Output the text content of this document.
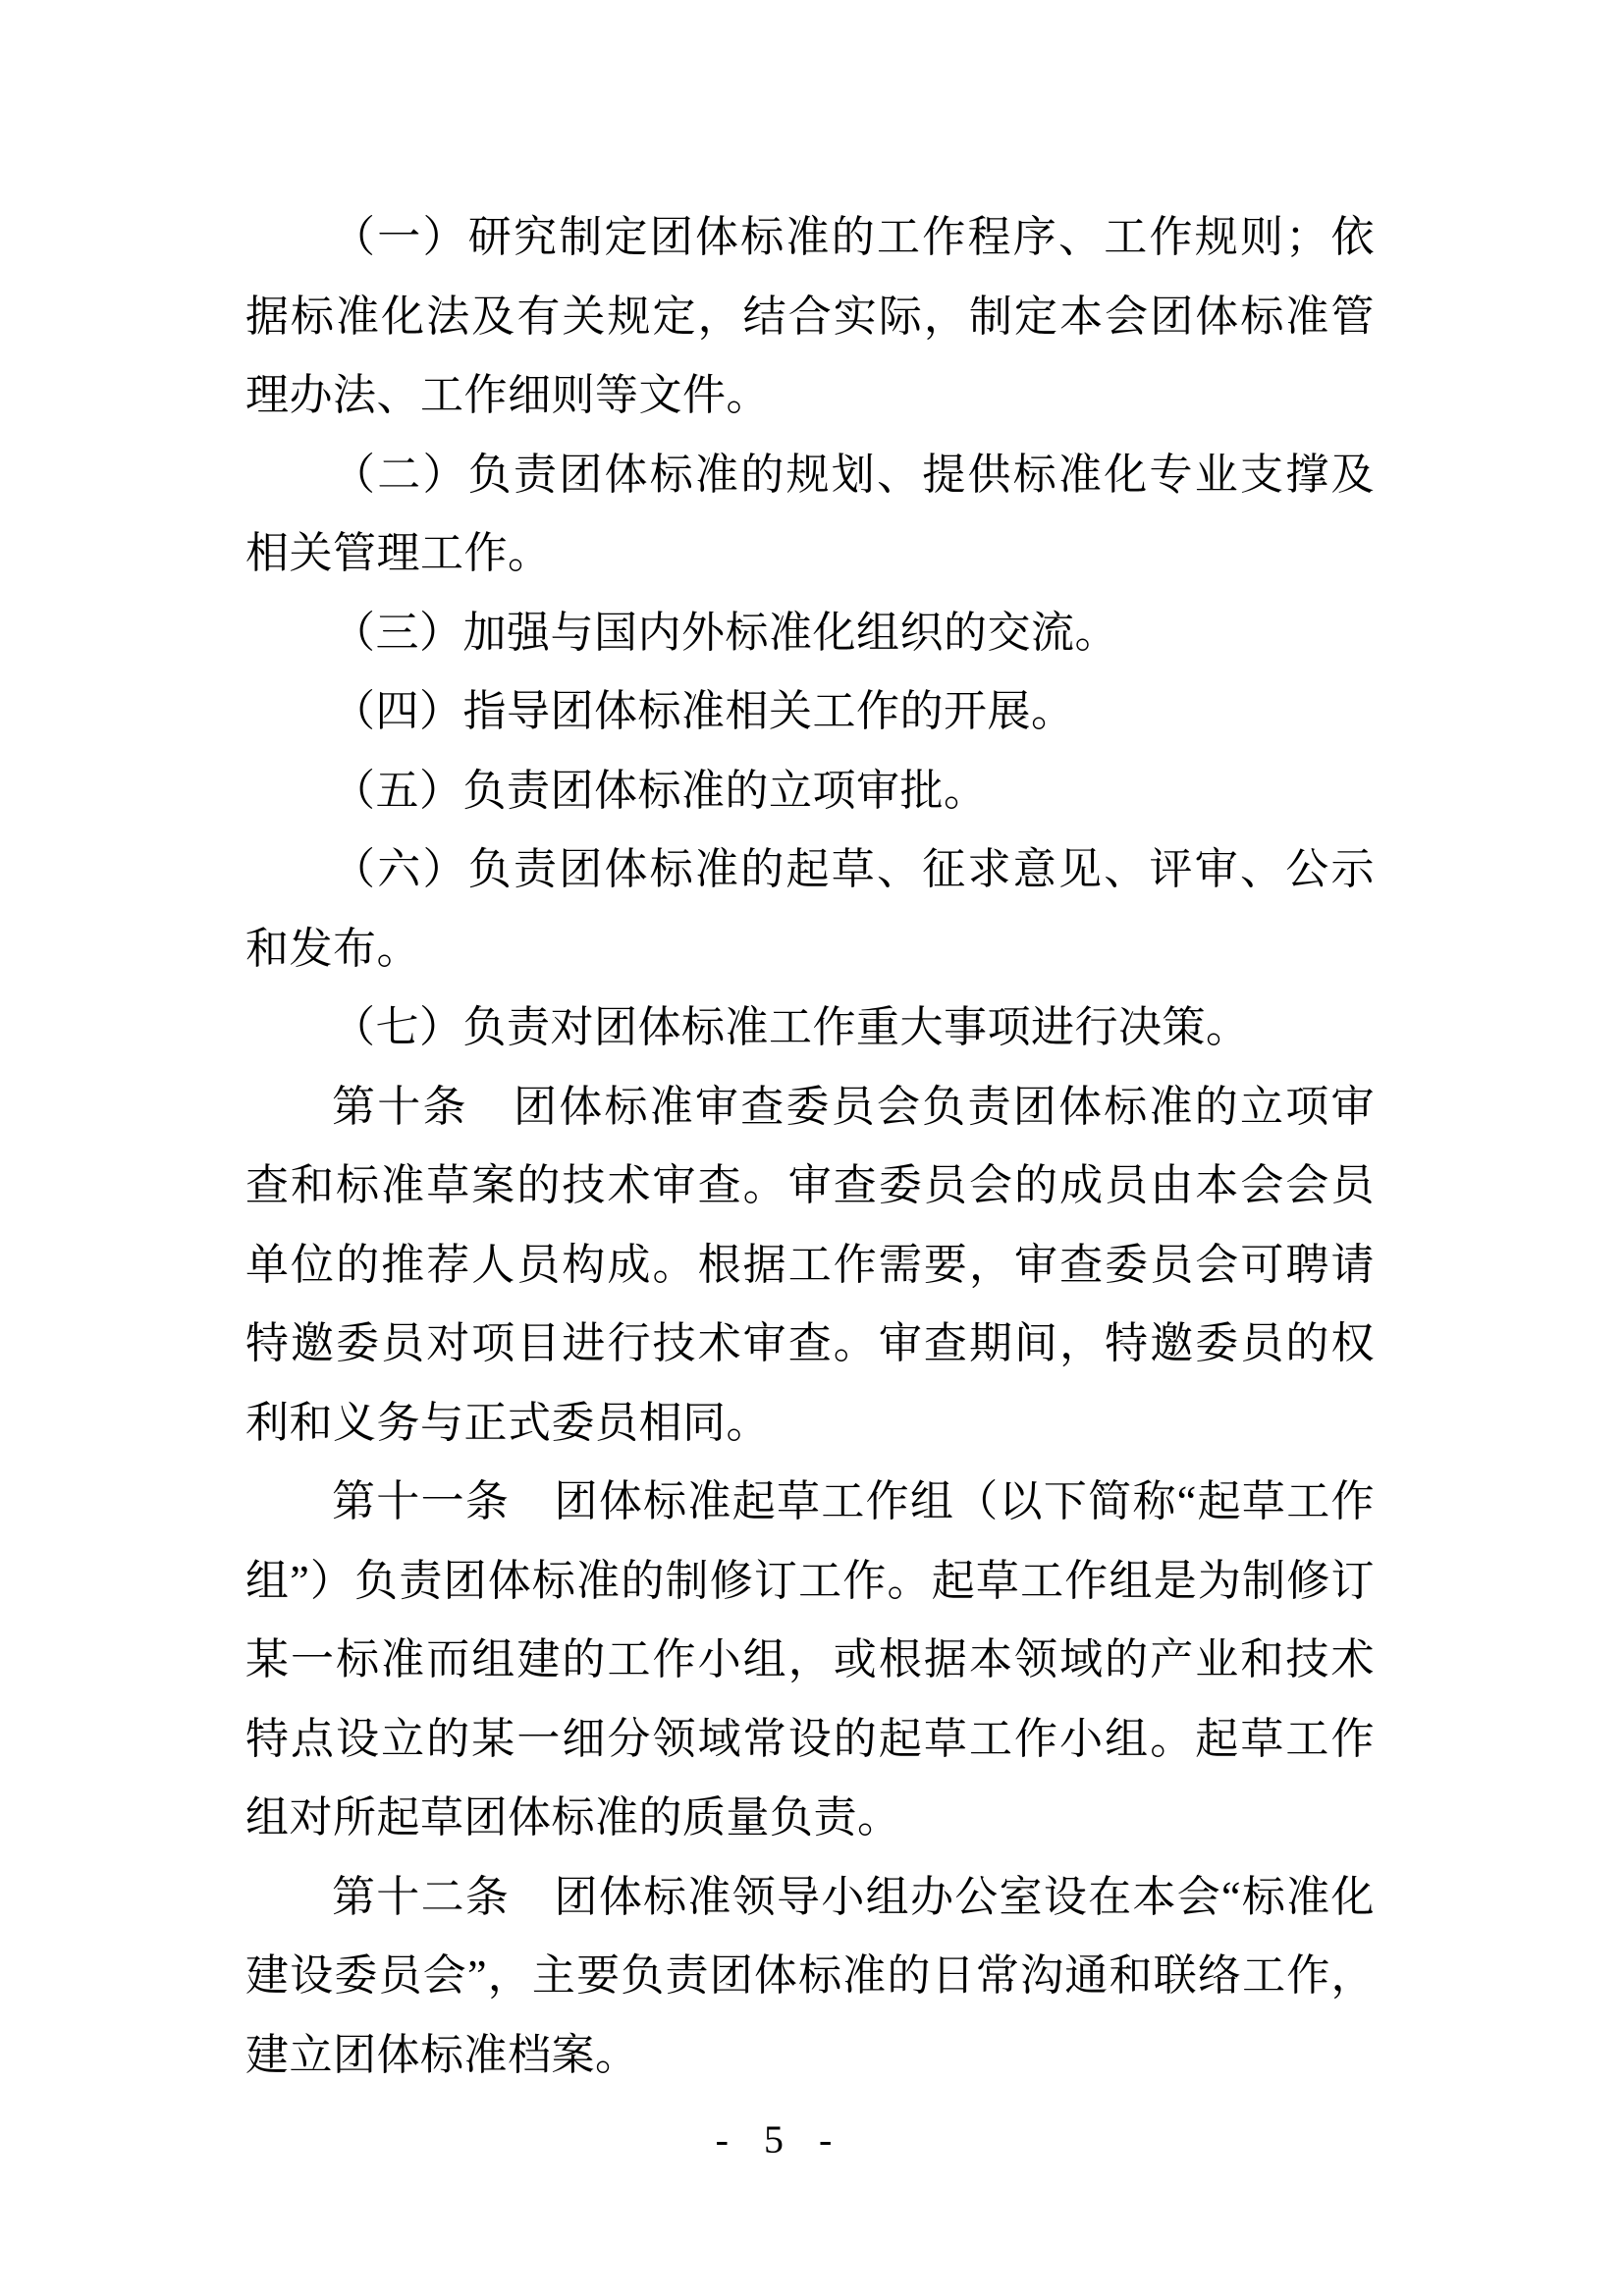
（一）研究制定团体标准的工作程序、工作规则；依据标准化法及有关规定，结合实际，制定本会团体标准管理办法、工作细则等文件。

（二）负责团体标准的规划、提供标准化专业支撑及相关管理工作。

（三）加强与国内外标准化组织的交流。

（四）指导团体标准相关工作的开展。

（五）负责团体标准的立项审批。

（六）负责团体标准的起草、征求意见、评审、公示和发布。

（七）负责对团体标准工作重大事项进行决策。

第十条　团体标准审查委员会负责团体标准的立项审查和标准草案的技术审查。审查委员会的成员由本会会员单位的推荐人员构成。根据工作需要，审查委员会可聘请特邀委员对项目进行技术审查。审查期间，特邀委员的权利和义务与正式委员相同。

第十一条　团体标准起草工作组（以下简称“起草工作组”）负责团体标准的制修订工作。起草工作组是为制修订某一标准而组建的工作小组，或根据本领域的产业和技术特点设立的某一细分领域常设的起草工作小组。起草工作组对所起草团体标准的质量负责。

第十二条　团体标准领导小组办公室设在本会“标准化建设委员会”，主要负责团体标准的日常沟通和联络工作，建立团体标准档案。

- 5 -
